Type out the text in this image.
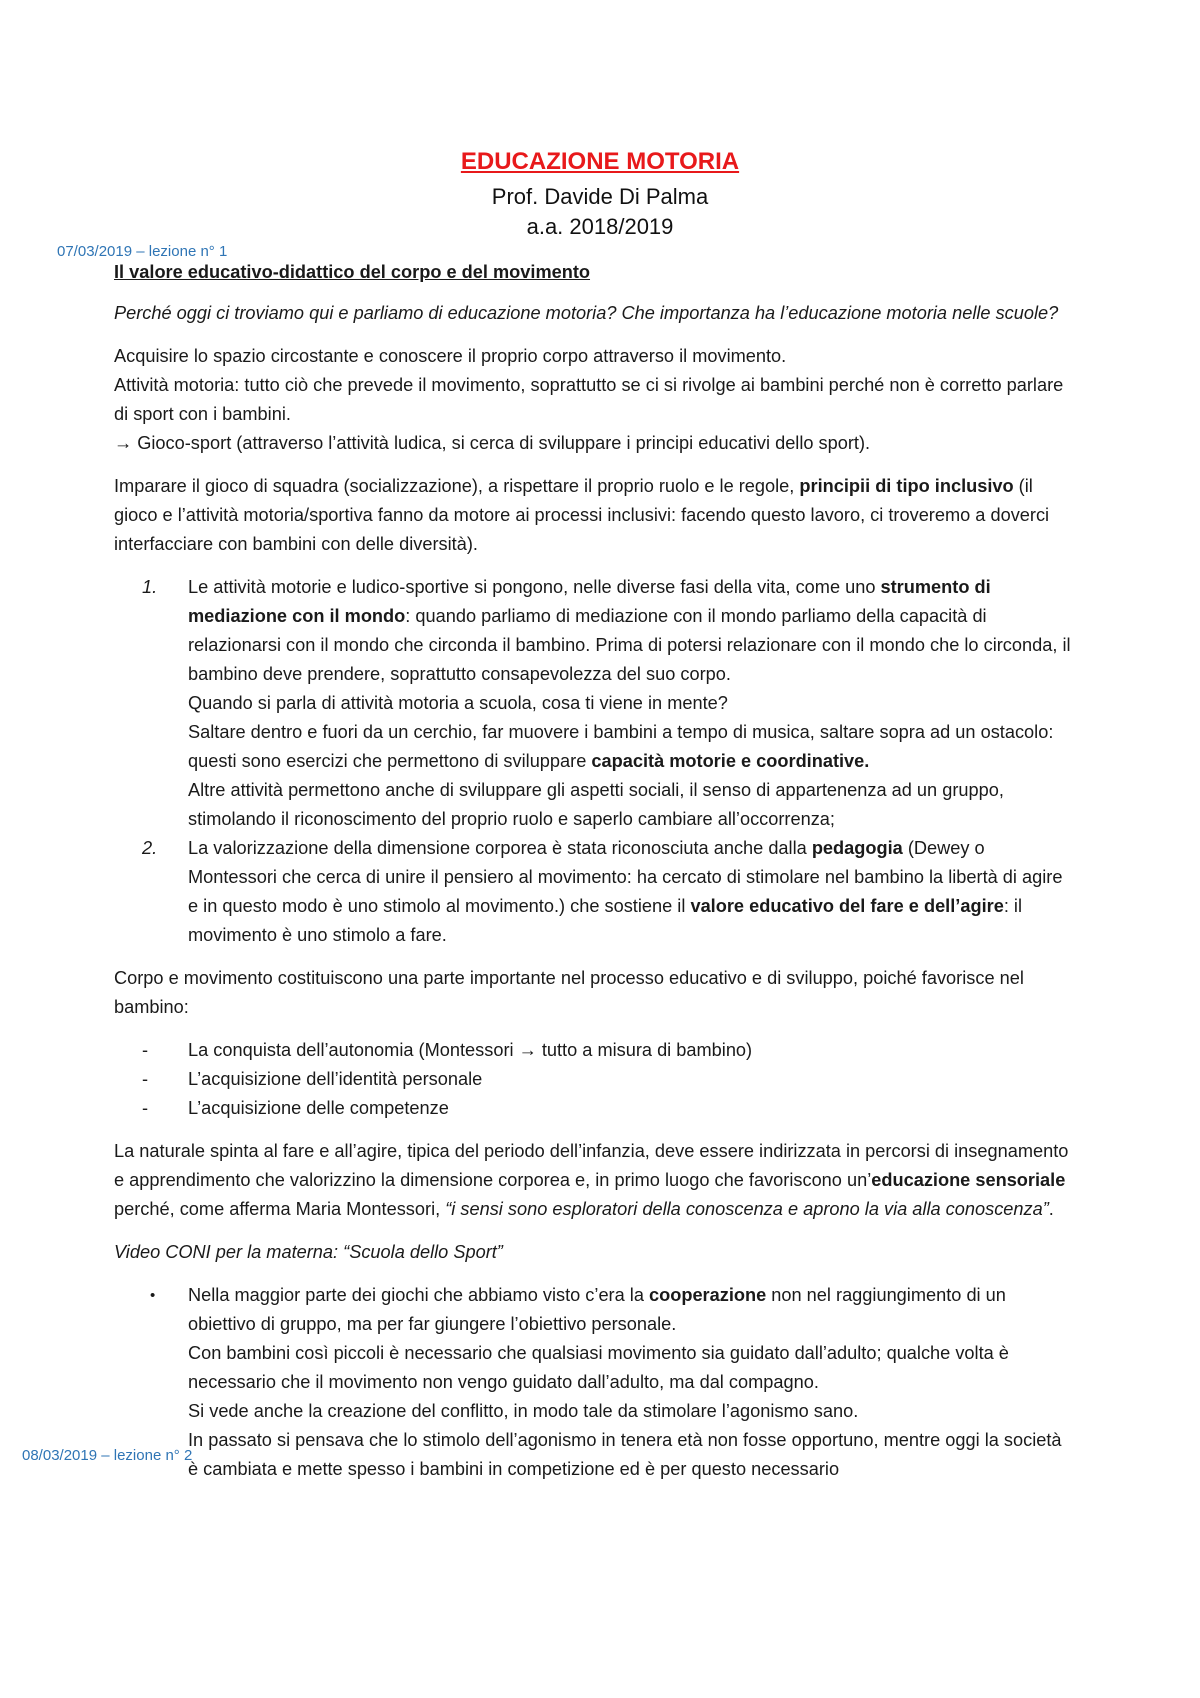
EDUCAZIONE MOTORIA
Prof. Davide Di Palma
a.a. 2018/2019
07/03/2019 – lezione n° 1
08/03/2019 – lezione n° 2

Il valore educativo-didattico del corpo e del movimento

Perché oggi ci troviamo qui e parliamo di educazione motoria? Che importanza ha l’educazione motoria nelle scuole?

Acquisire lo spazio circostante e conoscere il proprio corpo attraverso il movimento.
Attività motoria: tutto ciò che prevede il movimento, soprattutto se ci si rivolge ai bambini perché non è corretto parlare di sport con i bambini.
→ Gioco-sport (attraverso l’attività ludica, si cerca di sviluppare i principi educativi dello sport).

Imparare il gioco di squadra (socializzazione), a rispettare il proprio ruolo e le regole, principii di tipo inclusivo (il gioco e l’attività motoria/sportiva fanno da motore ai processi inclusivi: facendo questo lavoro, ci troveremo a doverci interfacciare con bambini con delle diversità).

1. Le attività motorie e ludico-sportive si pongono, nelle diverse fasi della vita, come uno strumento di mediazione con il mondo: quando parliamo di mediazione con il mondo parliamo della capacità di relazionarsi con il mondo che circonda il bambino. Prima di potersi relazionare con il mondo che lo circonda, il bambino deve prendere, soprattutto consapevolezza del suo corpo.
Quando si parla di attività motoria a scuola, cosa ti viene in mente?
Saltare dentro e fuori da un cerchio, far muovere i bambini a tempo di musica, saltare sopra ad un ostacolo: questi sono esercizi che permettono di sviluppare capacità motorie e coordinative.
Altre attività permettono anche di sviluppare gli aspetti sociali, il senso di appartenenza ad un gruppo, stimolando il riconoscimento del proprio ruolo e saperlo cambiare all’occorrenza;
2. La valorizzazione della dimensione corporea è stata riconosciuta anche dalla pedagogia (Dewey o Montessori che cerca di unire il pensiero al movimento: ha cercato di stimolare nel bambino la libertà di agire e in questo modo è uno stimolo al movimento.) che sostiene il valore educativo del fare e dell’agire: il movimento è uno stimolo a fare.

Corpo e movimento costituiscono una parte importante nel processo educativo e di sviluppo, poiché favorisce nel bambino:

- La conquista dell’autonomia (Montessori → tutto a misura di bambino)
- L’acquisizione dell’identità personale
- L’acquisizione delle competenze

La naturale spinta al fare e all’agire, tipica del periodo dell’infanzia, deve essere indirizzata in percorsi di insegnamento e apprendimento che valorizzino la dimensione corporea e, in primo luogo che favoriscono un’educazione sensoriale perché, come afferma Maria Montessori, “i sensi sono esploratori della conoscenza e aprono la via alla conoscenza”.

Video CONI per la materna: “Scuola dello Sport”

• Nella maggior parte dei giochi che abbiamo visto c’era la cooperazione non nel raggiungimento di un obiettivo di gruppo, ma per far giungere l’obiettivo personale.
Con bambini così piccoli è necessario che qualsiasi movimento sia guidato dall’adulto; qualche volta è necessario che il movimento non vengo guidato dall’adulto, ma dal compagno.
Si vede anche la creazione del conflitto, in modo tale da stimolare l’agonismo sano.
In passato si pensava che lo stimolo dell’agonismo in tenera età non fosse opportuno, mentre oggi la società è cambiata e mette spesso i bambini in competizione ed è per questo necessario
